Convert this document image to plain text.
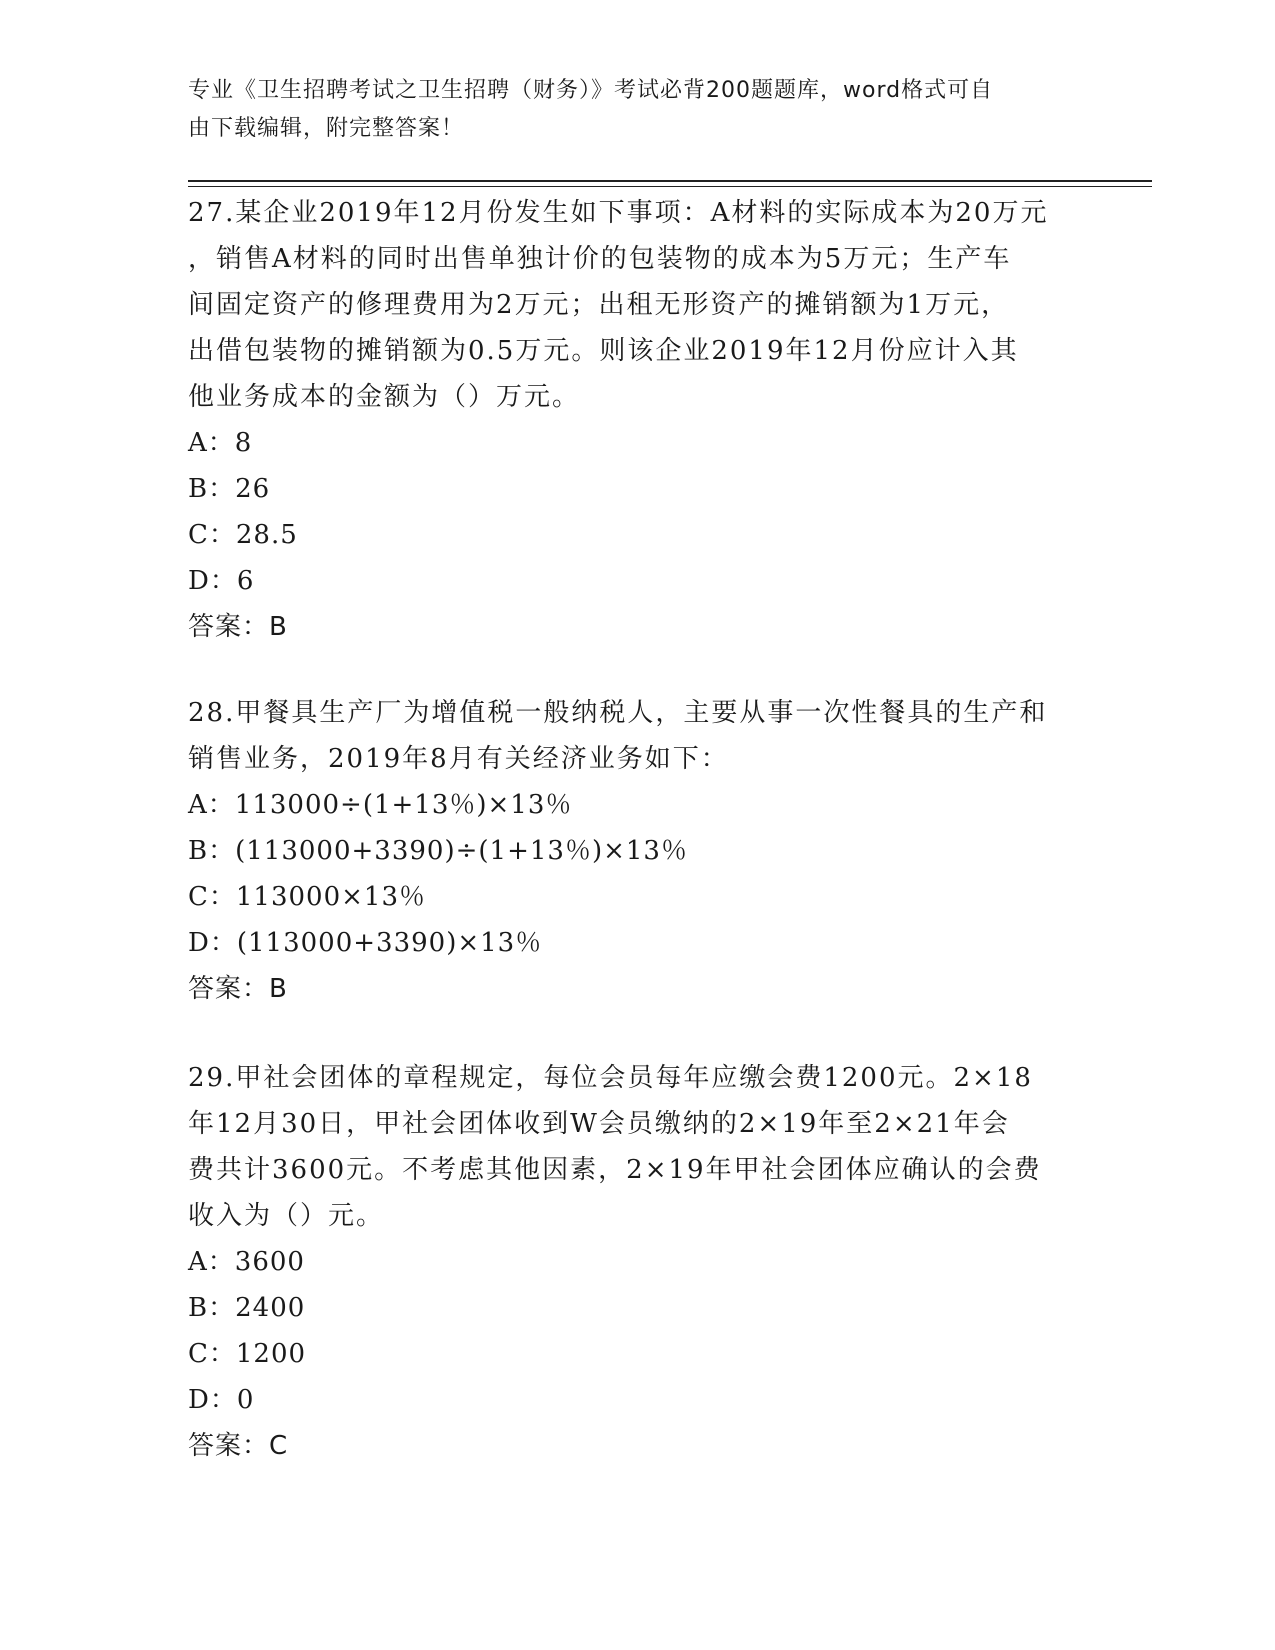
专业《卫生招聘考试之卫生招聘（财务）》考试必背200题题库，word格式可自
由下载编辑，附完整答案！
27.某企业2019年12月份发生如下事项：A材料的实际成本为20万元
，销售A材料的同时出售单独计价的包装物的成本为5万元；生产车
间固定资产的修理费用为2万元；出租无形资产的摊销额为1万元，
出借包装物的摊销额为0.5万元。则该企业2019年12月份应计入其
他业务成本的金额为（）万元。
A：8
B：26
C：28.5
D：6
答案：B
28.甲餐具生产厂为增值税一般纳税人，主要从事一次性餐具的生产和
销售业务，2019年8月有关经济业务如下：
A：113000÷(1+13％)×13％
B：(113000+3390)÷(1+13％)×13％
C：113000×13％
D：(113000+3390)×13％
答案：B
29.甲社会团体的章程规定，每位会员每年应缴会费1200元。2×18
年12月30日，甲社会团体收到W会员缴纳的2×19年至2×21年会
费共计3600元。不考虑其他因素，2×19年甲社会团体应确认的会费
收入为（）元。
A：3600
B：2400
C：1200
D：0
答案：C
